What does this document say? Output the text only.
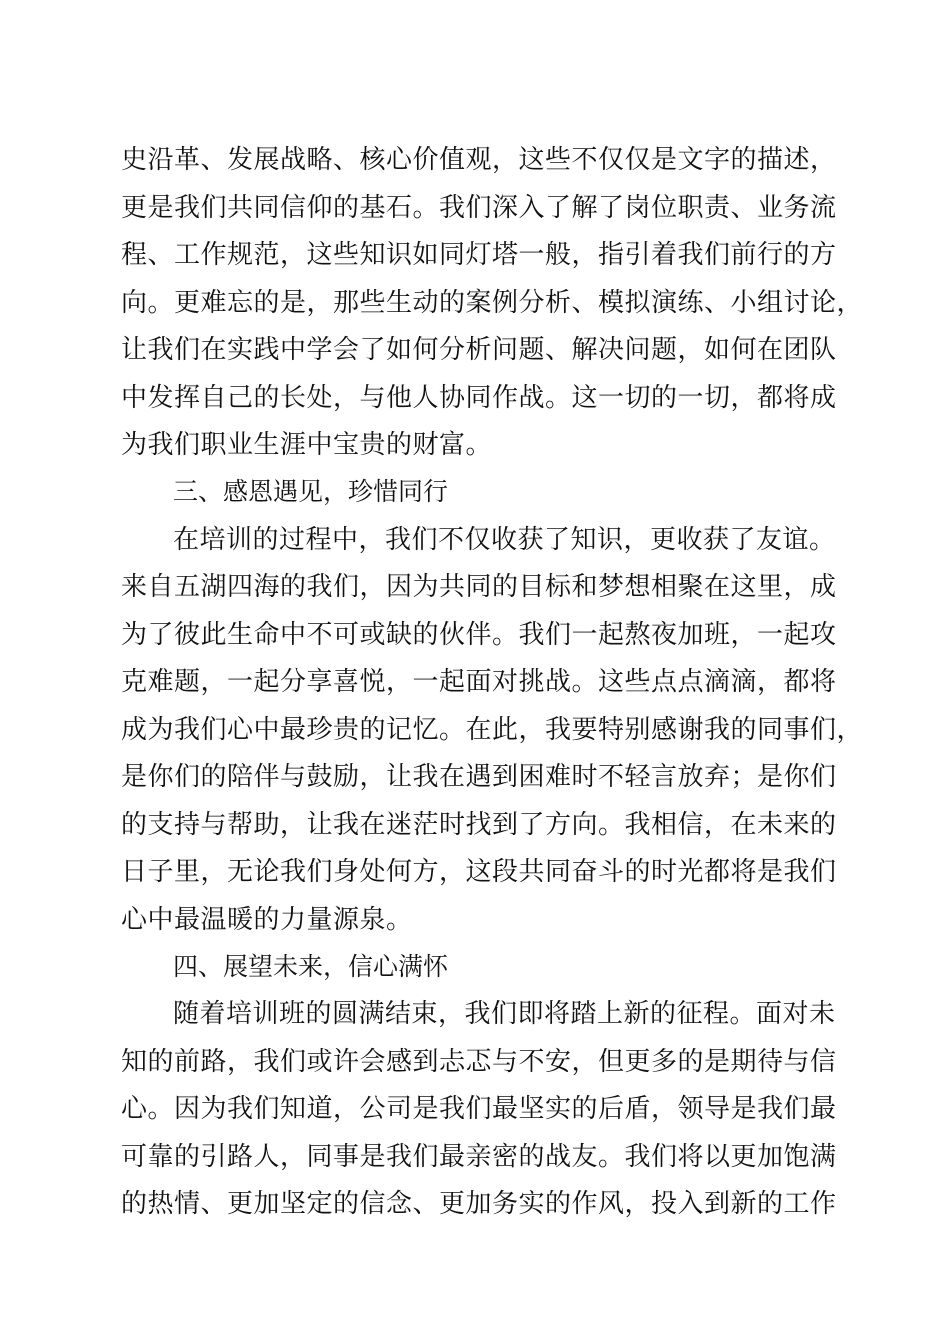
史沿革、发展战略、核心价值观，这些不仅仅是文字的描述，
更是我们共同信仰的基石。我们深入了解了岗位职责、业务流
程、工作规范，这些知识如同灯塔一般，指引着我们前行的方
向。更难忘的是，那些生动的案例分析、模拟演练、小组讨论，
让我们在实践中学会了如何分析问题、解决问题，如何在团队
中发挥自己的长处，与他人协同作战。这一切的一切，都将成
为我们职业生涯中宝贵的财富。
三、感恩遇见，珍惜同行
在培训的过程中，我们不仅收获了知识，更收获了友谊。
来自五湖四海的我们，因为共同的目标和梦想相聚在这里，成
为了彼此生命中不可或缺的伙伴。我们一起熬夜加班，一起攻
克难题，一起分享喜悦，一起面对挑战。这些点点滴滴，都将
成为我们心中最珍贵的记忆。在此，我要特别感谢我的同事们，
是你们的陪伴与鼓励，让我在遇到困难时不轻言放弃；是你们
的支持与帮助，让我在迷茫时找到了方向。我相信，在未来的
日子里，无论我们身处何方，这段共同奋斗的时光都将是我们
心中最温暖的力量源泉。
四、展望未来，信心满怀
随着培训班的圆满结束，我们即将踏上新的征程。面对未
知的前路，我们或许会感到忐忑与不安，但更多的是期待与信
心。因为我们知道，公司是我们最坚实的后盾，领导是我们最
可靠的引路人，同事是我们最亲密的战友。我们将以更加饱满
的热情、更加坚定的信念、更加务实的作风，投入到新的工作
